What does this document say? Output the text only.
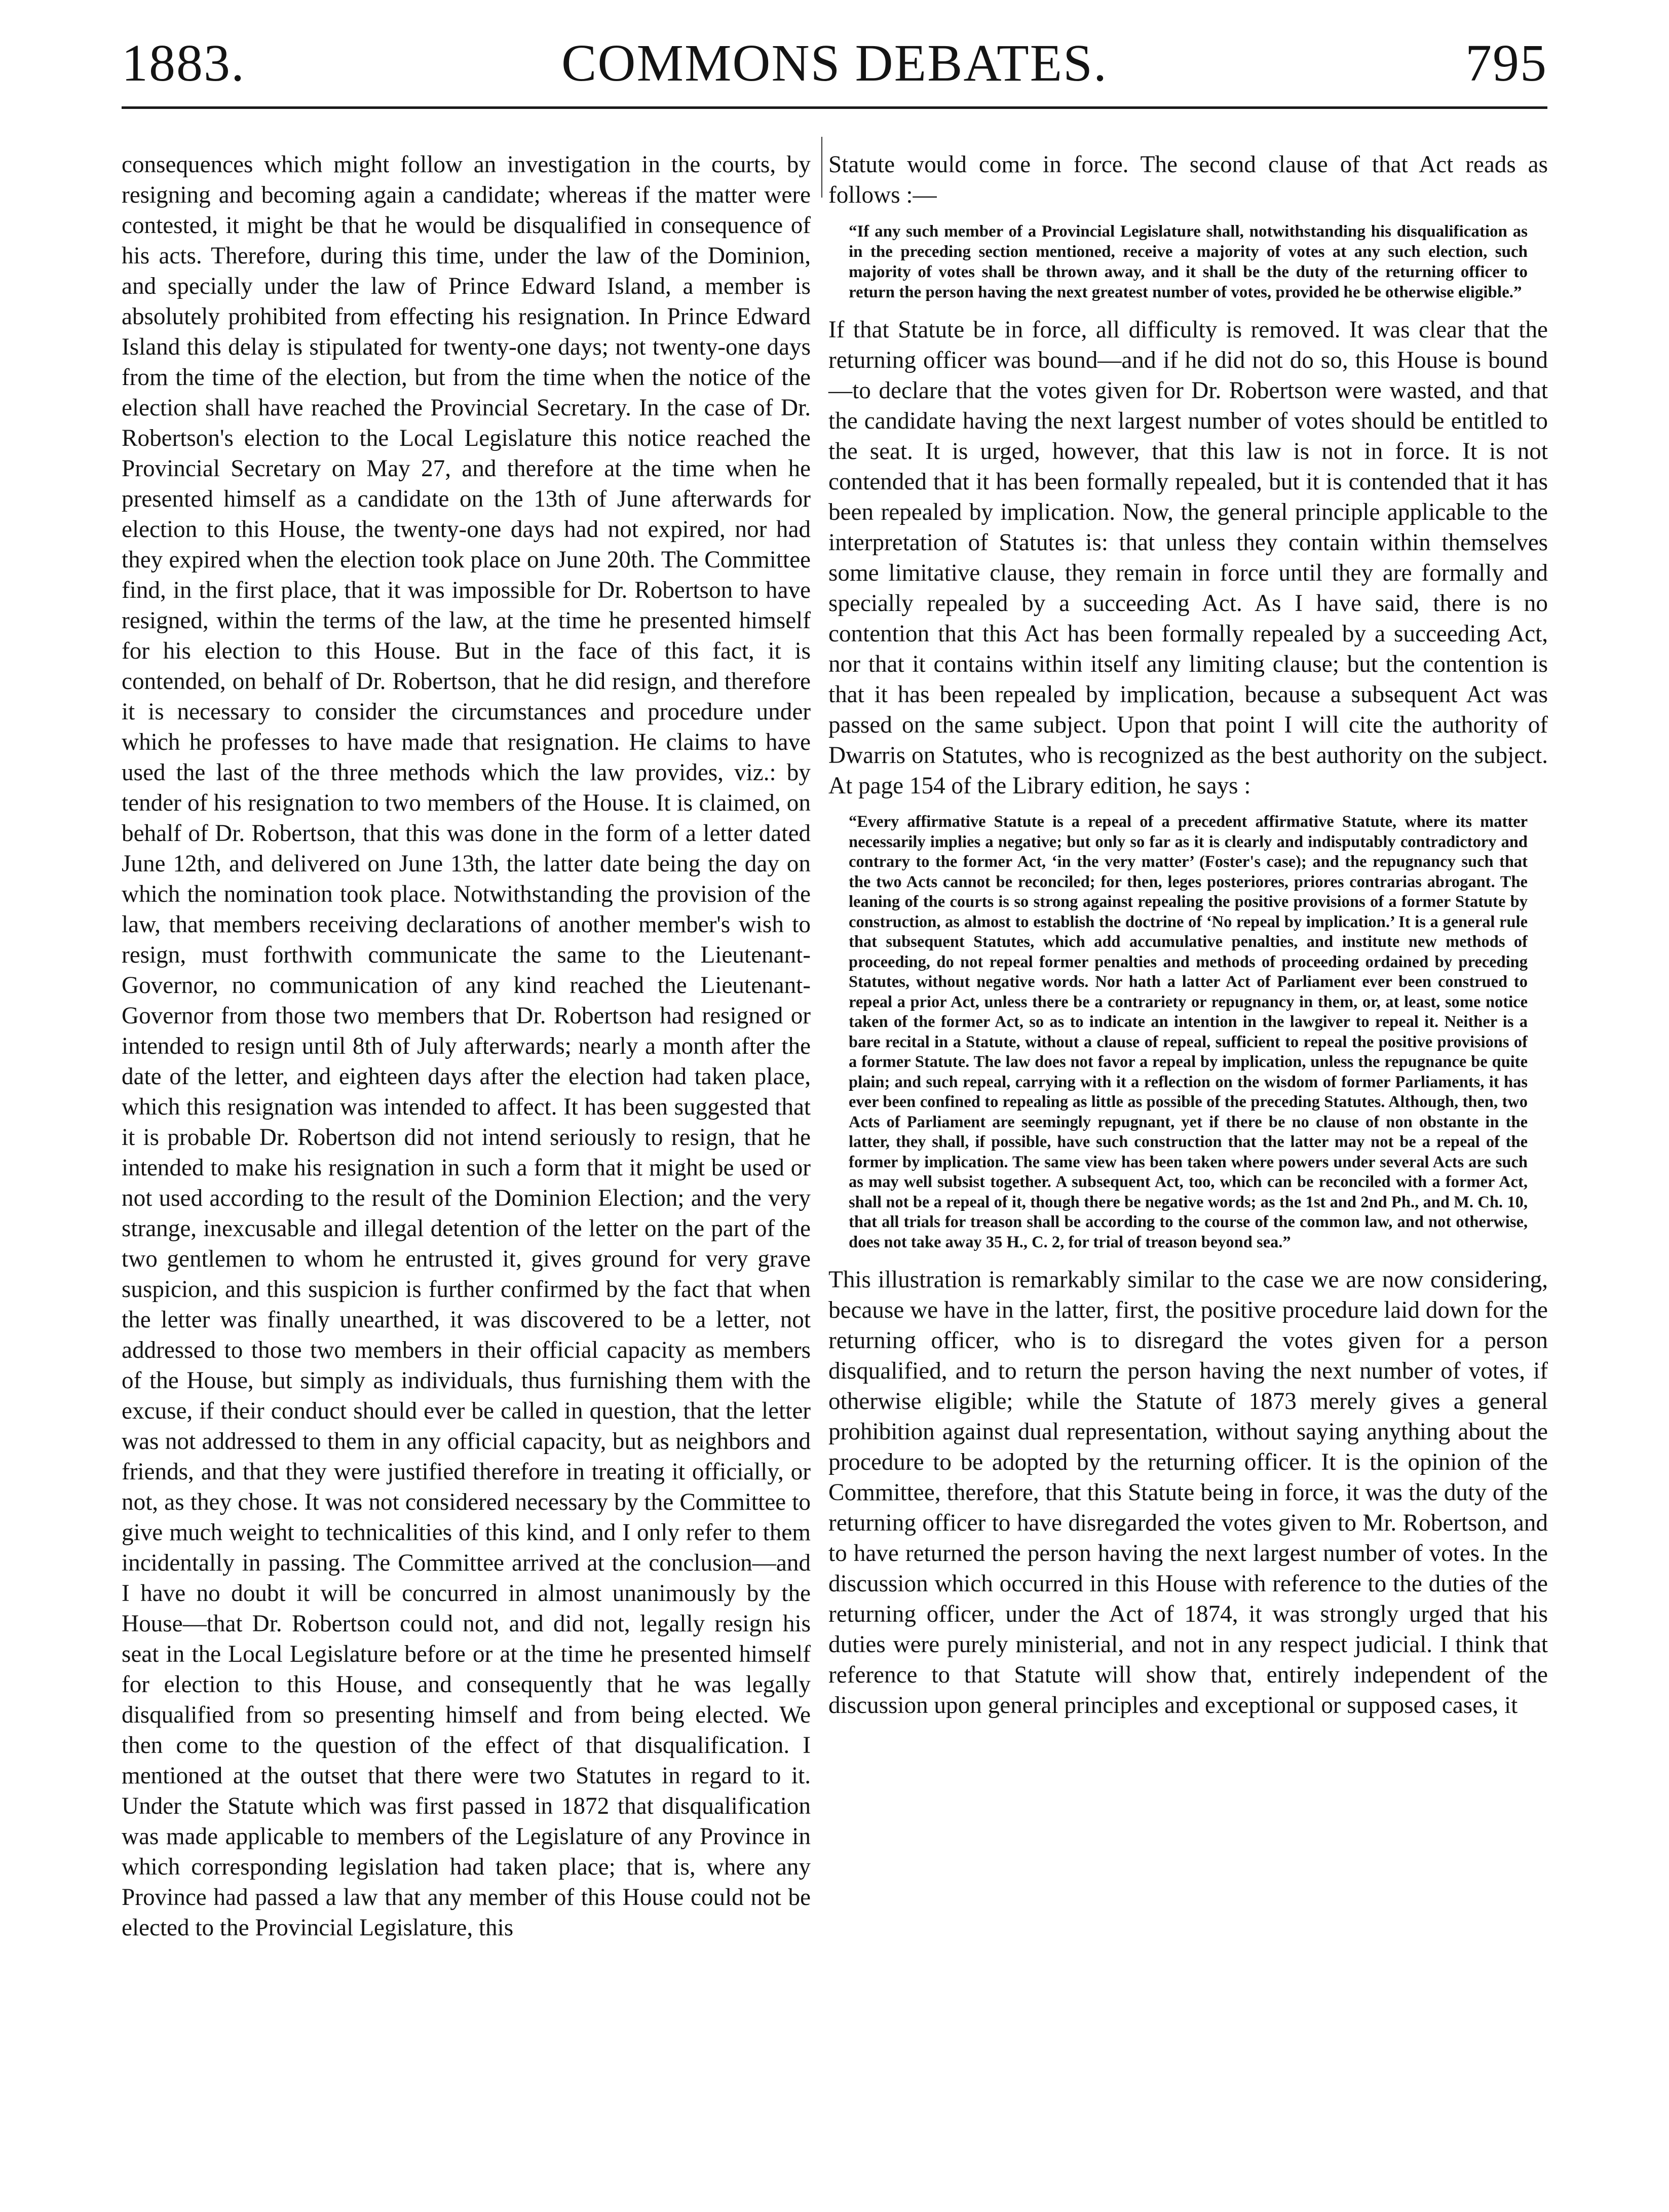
1883.	COMMONS DEBATES.	795

consequences which might follow an investigation in the courts, by resigning and becoming again a candidate; whereas if the matter were contested, it might be that he would be disqualified in consequence of his acts. Therefore, during this time, under the law of the Dominion, and specially under the law of Prince Edward Island, a member is absolutely prohibited from effecting his resignation. In Prince Edward Island this delay is stipulated for twenty-one days; not twenty-one days from the time of the election, but from the time when the notice of the election shall have reached the Provincial Secretary. In the case of Dr. Robertson's election to the Local Legislature this notice reached the Provincial Secretary on May 27, and therefore at the time when he presented himself as a candidate on the 13th of June afterwards for election to this House, the twenty-one days had not expired, nor had they expired when the election took place on June 20th. The Committee find, in the first place, that it was impossible for Dr. Robertson to have resigned, within the terms of the law, at the time he presented himself for his election to this House. But in the face of this fact, it is contended, on behalf of Dr. Robertson, that he did resign, and therefore it is necessary to consider the circumstances and procedure under which he professes to have made that resignation. He claims to have used the last of the three methods which the law provides, viz.: by tender of his resignation to two members of the House. It is claimed, on behalf of Dr. Robertson, that this was done in the form of a letter dated June 12th, and delivered on June 13th, the latter date being the day on which the nomination took place. Notwithstanding the provision of the law, that members receiving declarations of another member's wish to resign, must forthwith communicate the same to the Lieutenant-Governor, no communication of any kind reached the Lieutenant-Governor from those two members that Dr. Robertson had resigned or intended to resign until 8th of July afterwards; nearly a month after the date of the letter, and eighteen days after the election had taken place, which this resignation was intended to affect. It has been suggested that it is probable Dr. Robertson did not intend seriously to resign, that he intended to make his resignation in such a form that it might be used or not used according to the result of the Dominion Election; and the very strange, inexcusable and illegal detention of the letter on the part of the two gentlemen to whom he entrusted it, gives ground for very grave suspicion, and this suspicion is further confirmed by the fact that when the letter was finally unearthed, it was discovered to be a letter, not addressed to those two members in their official capacity as members of the House, but simply as individuals, thus furnishing them with the excuse, if their conduct should ever be called in question, that the letter was not addressed to them in any official capacity, but as neighbors and friends, and that they were justified therefore in treating it officially, or not, as they chose. It was not considered necessary by the Committee to give much weight to technicalities of this kind, and I only refer to them incidentally in passing. The Committee arrived at the conclusion—and I have no doubt it will be concurred in almost unanimously by the House—that Dr. Robertson could not, and did not, legally resign his seat in the Local Legislature before or at the time he presented himself for election to this House, and consequently that he was legally disqualified from so presenting himself and from being elected. We then come to the question of the effect of that disqualification. I mentioned at the outset that there were two Statutes in regard to it. Under the Statute which was first passed in 1872 that disqualification was made applicable to members of the Legislature of any Province in which corresponding legislation had taken place; that is, where any Province had passed a law that any member of this House could not be elected to the Provincial Legislature, this

Statute would come in force. The second clause of that Act reads as follows :—

“If any such member of a Provincial Legislature shall, notwithstanding his disqualification as in the preceding section mentioned, receive a majority of votes at any such election, such majority of votes shall be thrown away, and it shall be the duty of the returning officer to return the person having the next greatest number of votes, provided he be otherwise eligible.”

If that Statute be in force, all difficulty is removed. It was clear that the returning officer was bound—and if he did not do so, this House is bound—to declare that the votes given for Dr. Robertson were wasted, and that the candidate having the next largest number of votes should be entitled to the seat. It is urged, however, that this law is not in force. It is not contended that it has been formally repealed, but it is contended that it has been repealed by implication. Now, the general principle applicable to the interpretation of Statutes is: that unless they contain within themselves some limitative clause, they remain in force until they are formally and specially repealed by a succeeding Act. As I have said, there is no contention that this Act has been formally repealed by a succeeding Act, nor that it contains within itself any limiting clause; but the contention is that it has been repealed by implication, because a subsequent Act was passed on the same subject. Upon that point I will cite the authority of Dwarris on Statutes, who is recognized as the best authority on the subject. At page 154 of the Library edition, he says :

“Every affirmative Statute is a repeal of a precedent affirmative Statute, where its matter necessarily implies a negative; but only so far as it is clearly and indisputably contradictory and contrary to the former Act, ‘in the very matter’ (Foster's case); and the repugnancy such that the two Acts cannot be reconciled; for then, leges posteriores, priores contrarias abrogant. The leaning of the courts is so strong against repealing the positive provisions of a former Statute by construction, as almost to establish the doctrine of ‘No repeal by implication.’ It is a general rule that subsequent Statutes, which add accumulative penalties, and institute new methods of proceeding, do not repeal former penalties and methods of proceeding ordained by preceding Statutes, without negative words. Nor hath a latter Act of Parliament ever been construed to repeal a prior Act, unless there be a contrariety or repugnancy in them, or, at least, some notice taken of the former Act, so as to indicate an intention in the lawgiver to repeal it. Neither is a bare recital in a Statute, without a clause of repeal, sufficient to repeal the positive provisions of a former Statute. The law does not favor a repeal by implication, unless the repugnance be quite plain; and such repeal, carrying with it a reflection on the wisdom of former Parliaments, it has ever been confined to repealing as little as possible of the preceding Statutes. Although, then, two Acts of Parliament are seemingly repugnant, yet if there be no clause of non obstante in the latter, they shall, if possible, have such construction that the latter may not be a repeal of the former by implication. The same view has been taken where powers under several Acts are such as may well subsist together. A subsequent Act, too, which can be reconciled with a former Act, shall not be a repeal of it, though there be negative words; as the 1st and 2nd Ph., and M. Ch. 10, that all trials for treason shall be according to the course of the common law, and not otherwise, does not take away 35 H., C. 2, for trial of treason beyond sea.”

This illustration is remarkably similar to the case we are now considering, because we have in the latter, first, the positive procedure laid down for the returning officer, who is to disregard the votes given for a person disqualified, and to return the person having the next number of votes, if otherwise eligible; while the Statute of 1873 merely gives a general prohibition against dual representation, without saying anything about the procedure to be adopted by the returning officer. It is the opinion of the Committee, therefore, that this Statute being in force, it was the duty of the returning officer to have disregarded the votes given to Mr. Robertson, and to have returned the person having the next largest number of votes. In the discussion which occurred in this House with reference to the duties of the returning officer, under the Act of 1874, it was strongly urged that his duties were purely ministerial, and not in any respect judicial. I think that reference to that Statute will show that, entirely independent of the discussion upon general principles and exceptional or supposed cases, it
